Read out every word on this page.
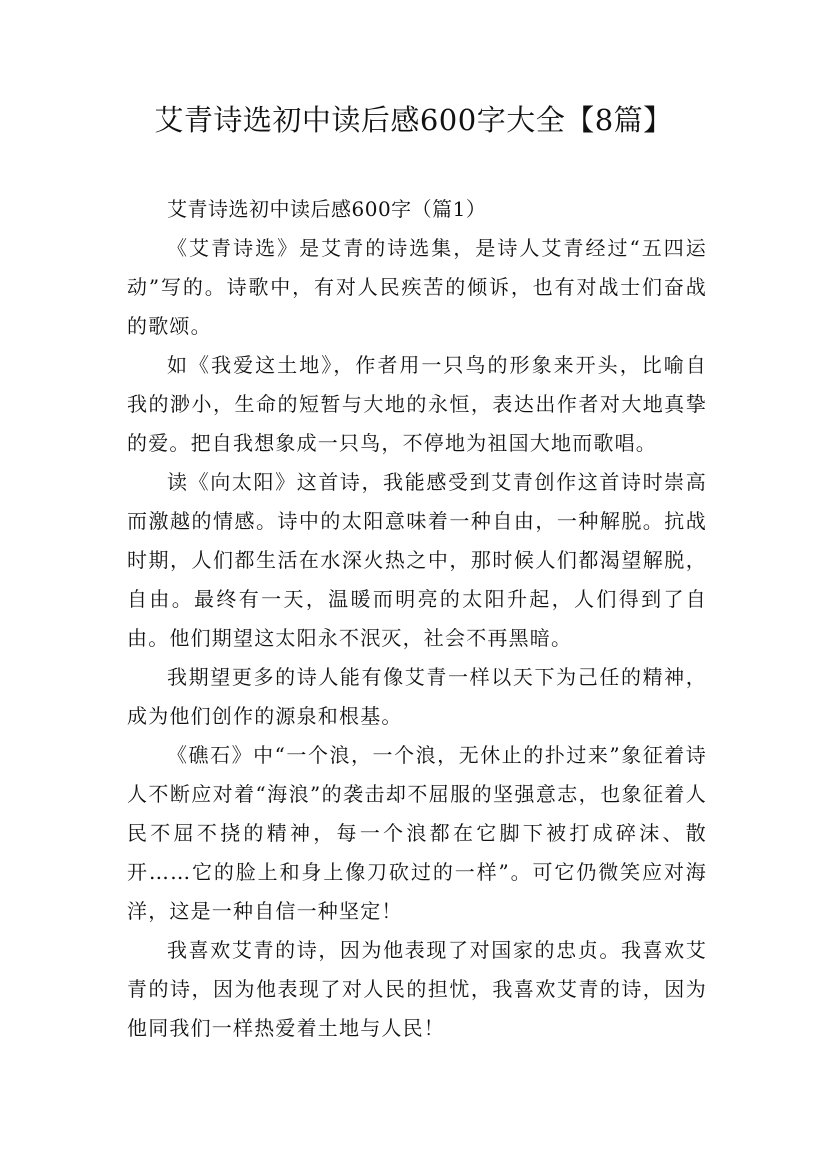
艾青诗选初中读后感600字大全【8篇】

艾青诗选初中读后感600字（篇1）

《艾青诗选》是艾青的诗选集，是诗人艾青经过“五四运动”写的。诗歌中，有对人民疾苦的倾诉，也有对战士们奋战的歌颂。

如《我爱这土地》，作者用一只鸟的形象来开头，比喻自我的渺小，生命的短暂与大地的永恒，表达出作者对大地真挚的爱。把自我想象成一只鸟，不停地为祖国大地而歌唱。

读《向太阳》这首诗，我能感受到艾青创作这首诗时崇高而激越的情感。诗中的太阳意味着一种自由，一种解脱。抗战时期，人们都生活在水深火热之中，那时候人们都渴望解脱，自由。最终有一天，温暖而明亮的太阳升起，人们得到了自由。他们期望这太阳永不泯灭，社会不再黑暗。

我期望更多的诗人能有像艾青一样以天下为己任的精神，成为他们创作的源泉和根基。

《礁石》中“一个浪，一个浪，无休止的扑过来”象征着诗人不断应对着“海浪”的袭击却不屈服的坚强意志，也象征着人民不屈不挠的精神，每一个浪都在它脚下被打成碎沫、散开……它的脸上和身上像刀砍过的一样”。可它仍微笑应对海洋，这是一种自信一种坚定！

我喜欢艾青的诗，因为他表现了对国家的忠贞。我喜欢艾青的诗，因为他表现了对人民的担忧，我喜欢艾青的诗，因为他同我们一样热爱着土地与人民！
